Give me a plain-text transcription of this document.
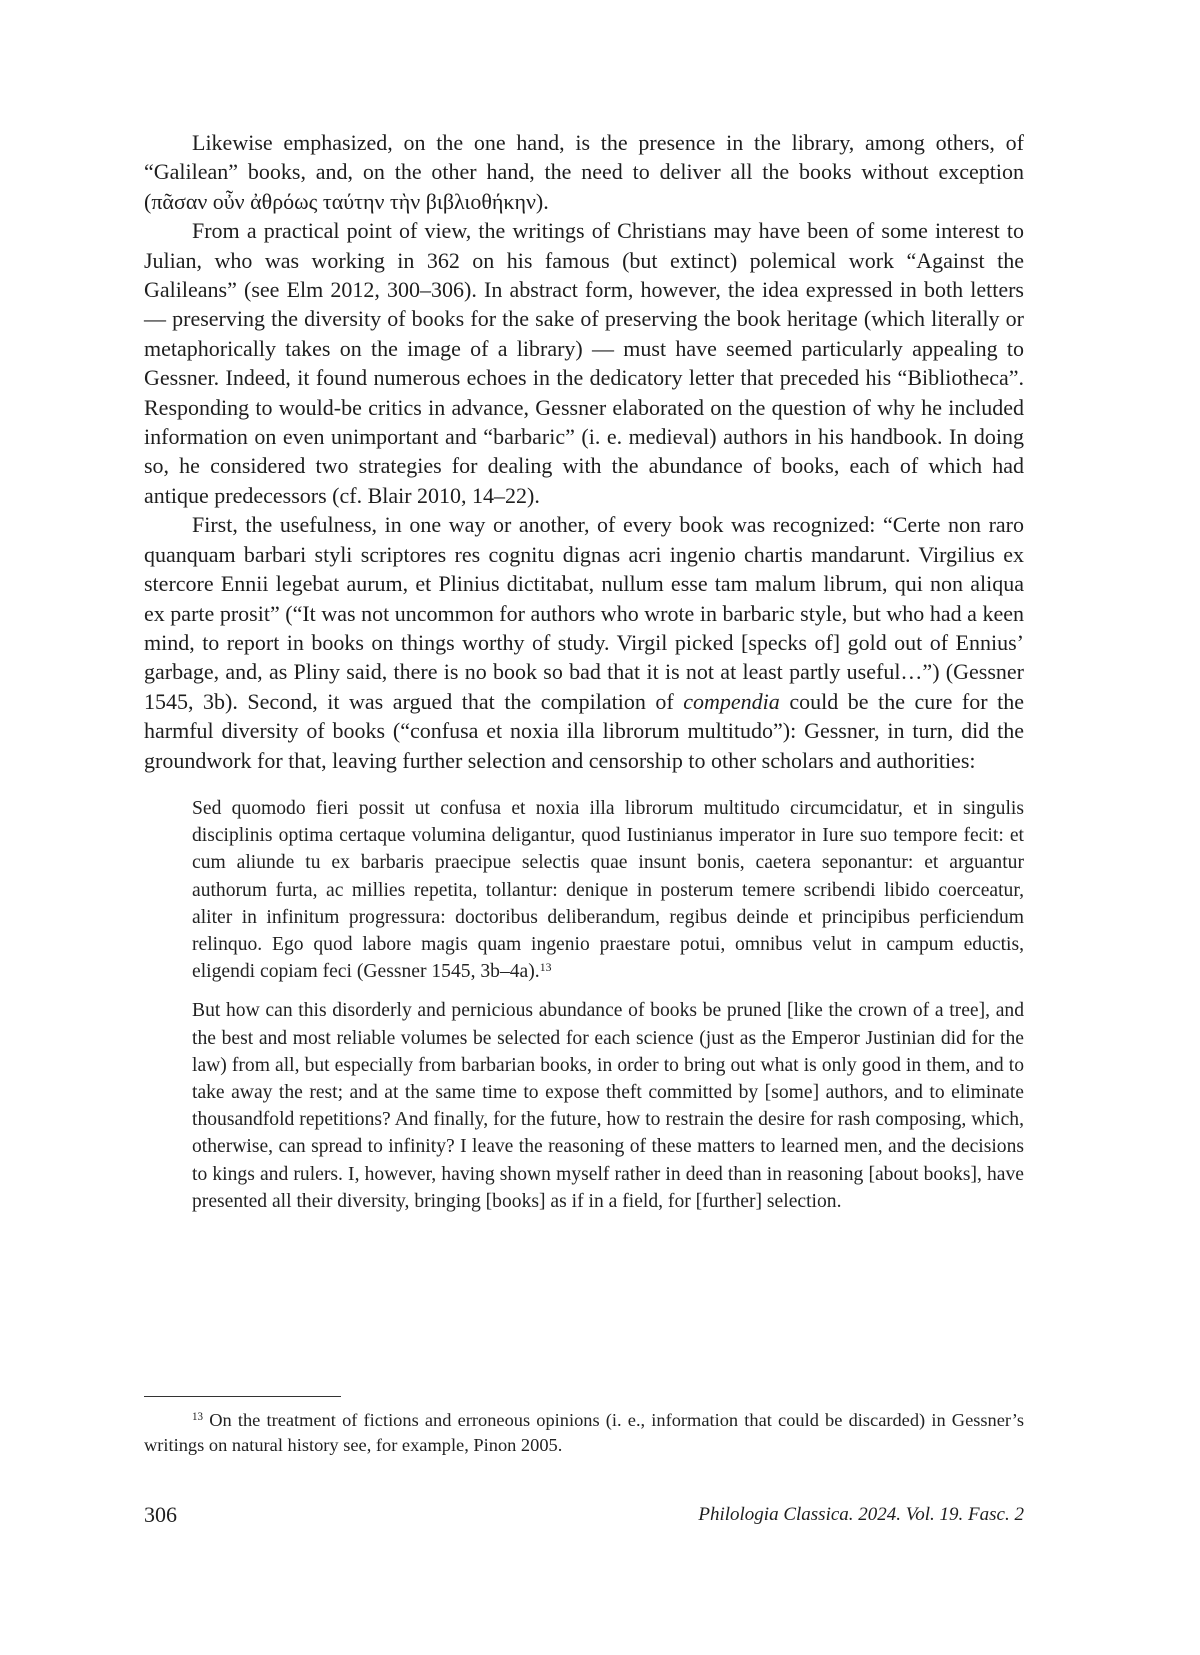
Likewise emphasized, on the one hand, is the presence in the library, among others, of “Galilean” books, and, on the other hand, the need to deliver all the books without exception (πᾶσαν οὖν ἀθρόως ταύτην τὴν βιβλιοθήκην).

From a practical point of view, the writings of Christians may have been of some interest to Julian, who was working in 362 on his famous (but extinct) polemical work “Against the Galileans” (see Elm 2012, 300–306). In abstract form, however, the idea expressed in both letters — preserving the diversity of books for the sake of preserving the book heritage (which literally or metaphorically takes on the image of a library) — must have seemed particularly appealing to Gessner. Indeed, it found numerous echoes in the dedicatory letter that preceded his “Bibliotheca”. Responding to would-be critics in advance, Gessner elaborated on the question of why he included information on even unimportant and “barbaric” (i. e. medieval) authors in his handbook. In doing so, he considered two strategies for dealing with the abundance of books, each of which had antique predecessors (cf. Blair 2010, 14–22).

First, the usefulness, in one way or another, of every book was recognized: “Certe non raro quanquam barbari styli scriptores res cognitu dignas acri ingenio chartis mandarunt. Virgilius ex stercore Ennii legebat aurum, et Plinius dictitabat, nullum esse tam malum librum, qui non aliqua ex parte prosit” (“It was not uncommon for authors who wrote in barbaric style, but who had a keen mind, to report in books on things worthy of study. Virgil picked [specks of] gold out of Ennius’ garbage, and, as Pliny said, there is no book so bad that it is not at least partly useful…”) (Gessner 1545, 3b). Second, it was argued that the compilation of compendia could be the cure for the harmful diversity of books (“confusa et noxia illa librorum multitudo”): Gessner, in turn, did the groundwork for that, leaving further selection and censorship to other scholars and authorities:

Sed quomodo fieri possit ut confusa et noxia illa librorum multitudo circumcidatur, et in singulis disciplinis optima certaque volumina deligantur, quod Iustinianus imperator in Iure suo tempore fecit: et cum aliunde tu ex barbaris praecipue selectis quae insunt bonis, caetera seponantur: et arguantur authorum furta, ac millies repetita, tollantur: denique in posterum temere scribendi libido coerceatur, aliter in infinitum progressura: doctoribus deliberandum, regibus deinde et principibus perficiendum relinquo. Ego quod labore magis quam ingenio praestare potui, omnibus velut in campum eductis, eligendi copiam feci (Gessner 1545, 3b–4a).$^{13}$

But how can this disorderly and pernicious abundance of books be pruned [like the crown of a tree], and the best and most reliable volumes be selected for each science (just as the Emperor Justinian did for the law) from all, but especially from barbarian books, in order to bring out what is only good in them, and to take away the rest; and at the same time to expose theft committed by [some] authors, and to eliminate thousandfold repetitions? And finally, for the future, how to restrain the desire for rash composing, which, otherwise, can spread to infinity? I leave the reasoning of these matters to learned men, and the decisions to kings and rulers. I, however, having shown myself rather in deed than in reasoning [about books], have presented all their diversity, bringing [books] as if in a field, for [further] selection.

$^{13}$ On the treatment of fictions and erroneous opinions (i. e., information that could be discarded) in Gessner’s writings on natural history see, for example, Pinon 2005.
306	Philologia Classica. 2024. Vol. 19. Fasc. 2
